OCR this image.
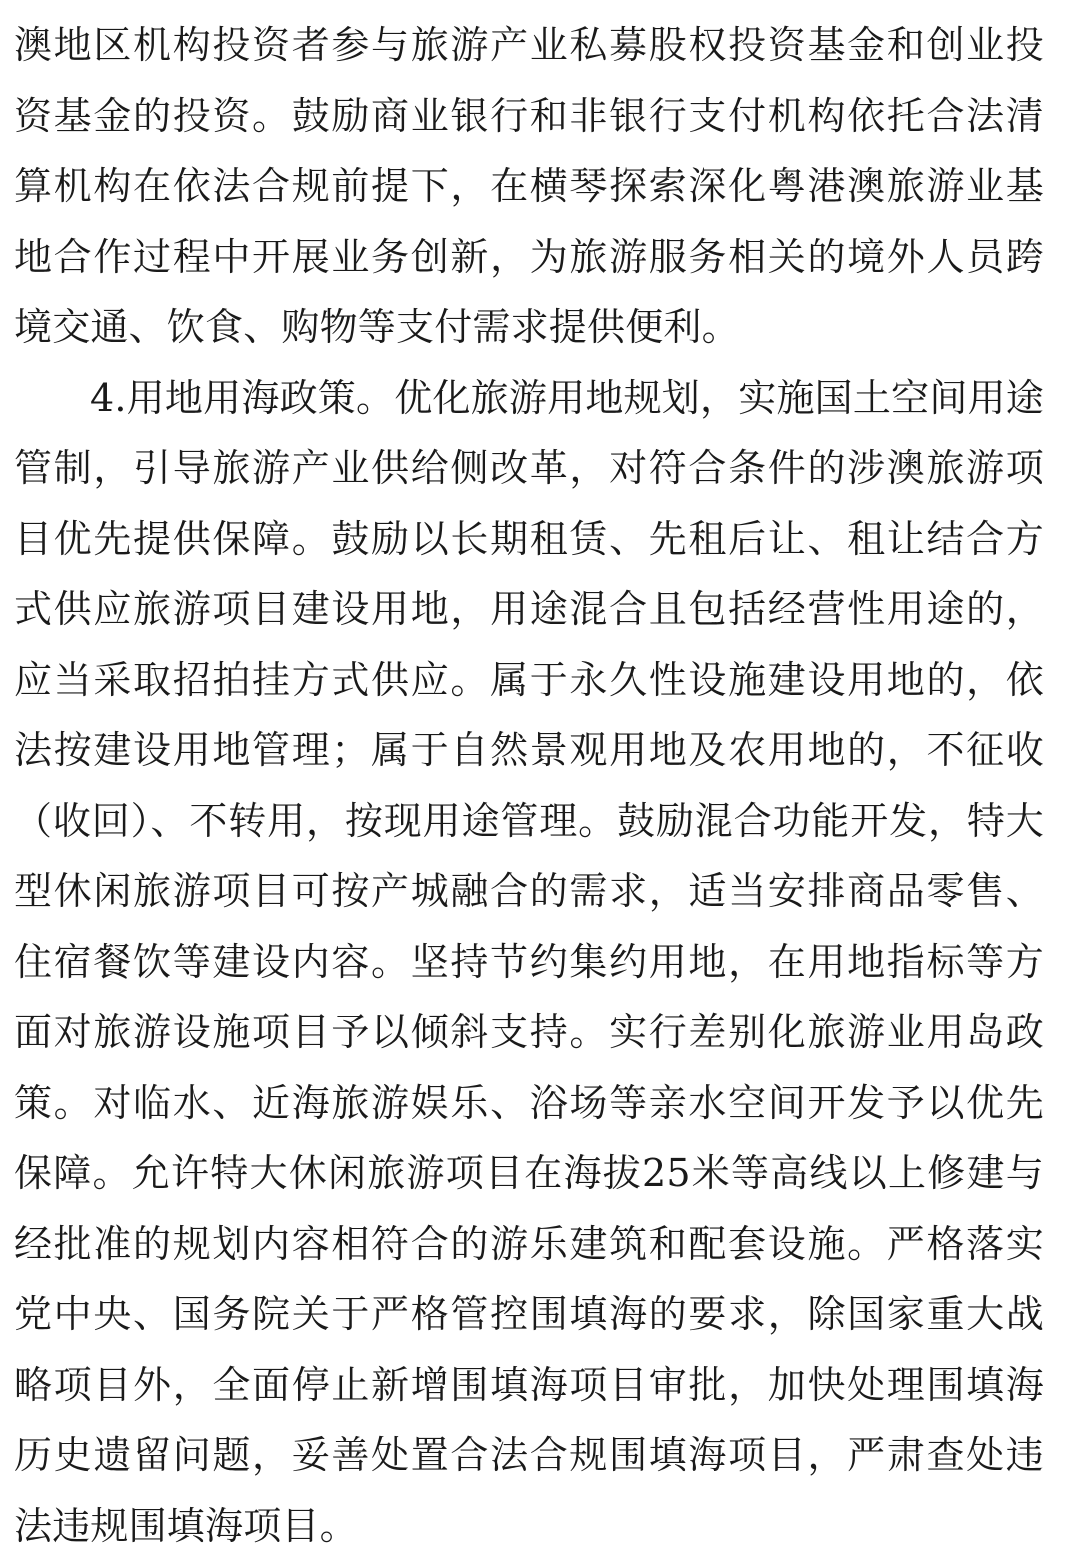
澳地区机构投资者参与旅游产业私募股权投资基金和创业投资基金的投资。鼓励商业银行和非银行支付机构依托合法清算机构在依法合规前提下，在横琴探索深化粤港澳旅游业基地合作过程中开展业务创新，为旅游服务相关的境外人员跨境交通、饮食、购物等支付需求提供便利。

4.用地用海政策。优化旅游用地规划，实施国土空间用途管制，引导旅游产业供给侧改革，对符合条件的涉澳旅游项目优先提供保障。鼓励以长期租赁、先租后让、租让结合方式供应旅游项目建设用地，用途混合且包括经营性用途的，应当采取招拍挂方式供应。属于永久性设施建设用地的，依法按建设用地管理；属于自然景观用地及农用地的，不征收（收回）、不转用，按现用途管理。鼓励混合功能开发，特大型休闲旅游项目可按产城融合的需求，适当安排商品零售、住宿餐饮等建设内容。坚持节约集约用地，在用地指标等方面对旅游设施项目予以倾斜支持。实行差别化旅游业用岛政策。对临水、近海旅游娱乐、浴场等亲水空间开发予以优先保障。允许特大休闲旅游项目在海拔25米等高线以上修建与经批准的规划内容相符合的游乐建筑和配套设施。严格落实党中央、国务院关于严格管控围填海的要求，除国家重大战略项目外，全面停止新增围填海项目审批，加快处理围填海历史遗留问题，妥善处置合法合规围填海项目，严肃查处违法违规围填海项目。
